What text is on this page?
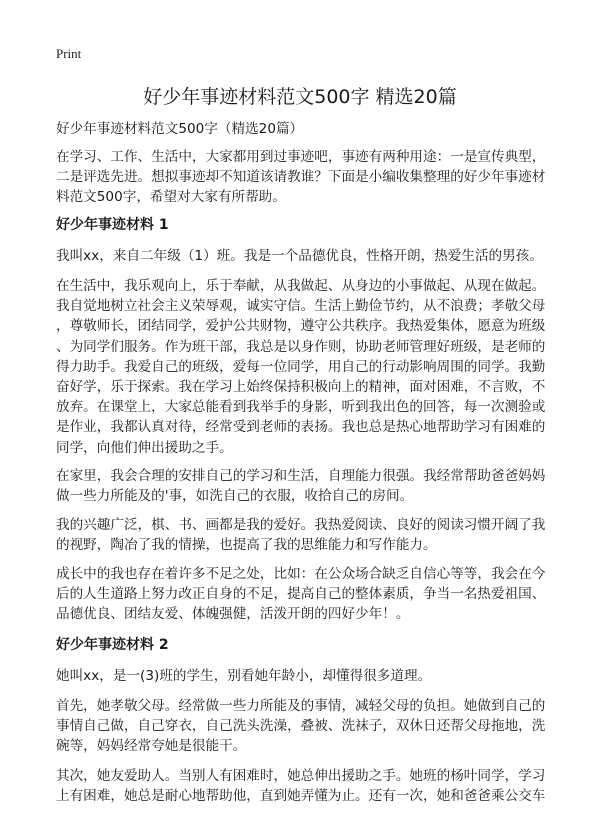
Print
好少年事迹材料范文500字 精选20篇
好少年事迹材料范文500字（精选20篇）
在学习、工作、生活中，大家都用到过事迹吧，事迹有两种用途：一是宣传典型，
二是评选先进。想拟事迹却不知道该请教谁？下面是小编收集整理的好少年事迹材
料范文500字，希望对大家有所帮助。
好少年事迹材料 1
我叫xx，来自二年级（1）班。我是一个品德优良，性格开朗，热爱生活的男孩。
在生活中，我乐观向上，乐于奉献，从我做起、从身边的小事做起、从现在做起。
我自觉地树立社会主义荣辱观，诚实守信。生活上勤俭节约，从不浪费；孝敬父母
，尊敬师长，团结同学，爱护公共财物，遵守公共秩序。我热爱集体，愿意为班级
、为同学们服务。作为班干部，我总是以身作则，协助老师管理好班级，是老师的
得力助手。我爱自己的班级，爱每一位同学，用自己的行动影响周围的同学。我勤
奋好学，乐于探索。我在学习上始终保持积极向上的精神，面对困难，不言败，不
放弃。在课堂上，大家总能看到我举手的身影，听到我出色的回答，每一次测验或
是作业，我都认真对待，经常受到老师的表扬。我也总是热心地帮助学习有困难的
同学，向他们伸出援助之手。
在家里，我会合理的安排自己的学习和生活，自理能力很强。我经常帮助爸爸妈妈
做一些力所能及的'事，如洗自己的衣服，收拾自己的房间。
我的兴趣广泛，棋、书、画都是我的爱好。我热爱阅读、良好的阅读习惯开阔了我
的视野，陶冶了我的情操，也提高了我的思维能力和写作能力。
成长中的我也存在着许多不足之处，比如：在公众场合缺乏自信心等等，我会在今
后的人生道路上努力改正自身的不足，提高自己的整体素质，争当一名热爱祖国、
品德优良、团结友爱、体魄强健，活泼开朗的四好少年！。
好少年事迹材料 2
她叫xx，是一(3)班的学生，别看她年龄小，却懂得很多道理。
首先，她孝敬父母。经常做一些力所能及的事情，减轻父母的负担。她做到自己的
事情自己做，自己穿衣，自己洗头洗澡，叠被、洗袜子，双休日还帮父母拖地，洗
碗等，妈妈经常夸她是很能干。
其次，她友爱助人。当别人有困难时，她总伸出援助之手。她班的杨叶同学，学习
上有困难，她总是耐心地帮助他，直到她弄懂为止。还有一次，她和爸爸乘公交车
